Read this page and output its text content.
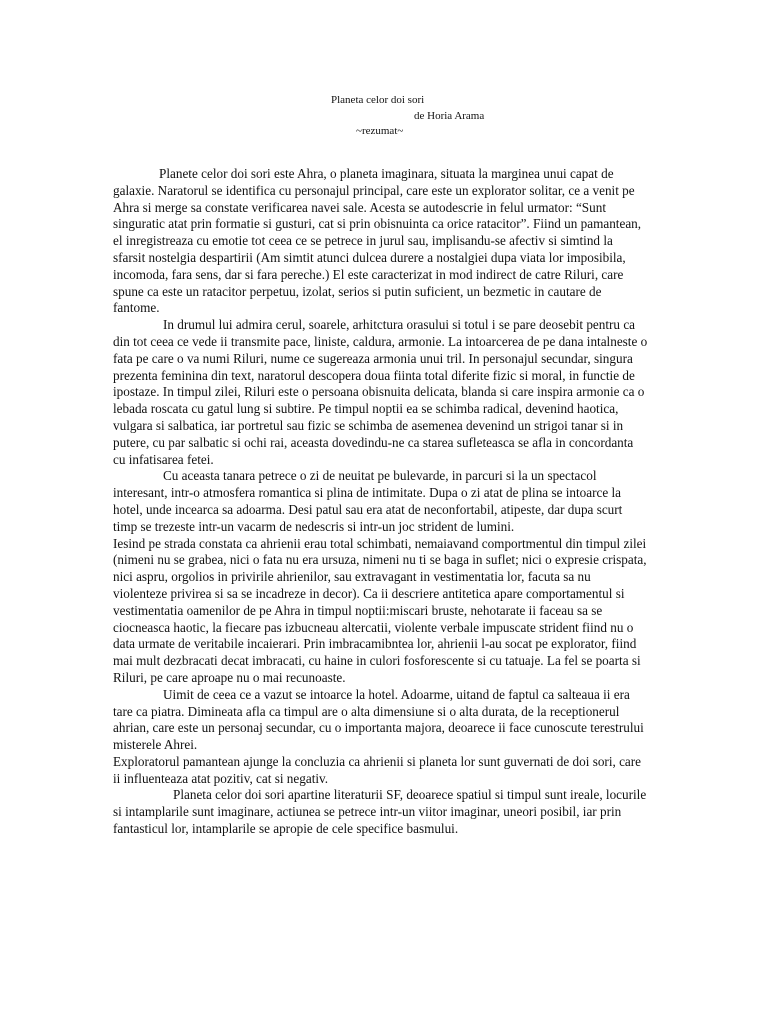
Planeta celor doi sori
de Horia Arama
~rezumat~

Planete celor doi sori este Ahra, o planeta imaginara, situata la marginea unui capat de galaxie. Naratorul se identifica cu personajul principal, care este un explorator solitar, ce a venit pe Ahra si merge sa constate verificarea navei sale. Acesta se autodescrie in felul urmator: “Sunt singuratic atat prin formatie si gusturi, cat si prin obisnuinta ca orice ratacitor”. Fiind un pamantean, el inregistreaza cu emotie tot ceea ce se petrece in jurul sau, implisandu-se afectiv si simtind la sfarsit nostelgia despartirii (Am simtit atunci dulcea durere a nostalgiei dupa viata lor imposibila, incomoda, fara sens, dar si fara pereche.) El este caracterizat in mod indirect de catre Riluri, care spune ca este un ratacitor perpetuu, izolat, serios si putin suficient, un bezmetic in cautare de fantome.

In drumul lui admira cerul, soarele, arhitctura orasului si totul i se pare deosebit pentru ca din tot ceea ce vede ii transmite pace, liniste, caldura, armonie. La intoarcerea de pe dana intalneste o fata pe care o va numi Riluri, nume ce sugereaza armonia unui tril. In personajul secundar, singura prezenta feminina din text, naratorul descopera doua fiinta total diferite fizic si moral, in functie de ipostaze. In timpul zilei, Riluri este o persoana obisnuita delicata, blanda si care inspira armonie ca o lebada roscata cu gatul lung si subtire. Pe timpul noptii ea se schimba radical, devenind haotica, vulgara si salbatica, iar portretul sau fizic se schimba de asemenea devenind un strigoi tanar si in putere, cu par salbatic si ochi rai, aceasta dovedindu-ne ca starea sufleteasca se afla in concordanta cu infatisarea fetei.

Cu aceasta tanara petrece o zi de neuitat pe bulevarde, in parcuri si la un spectacol interesant, intr-o atmosfera romantica si plina de intimitate. Dupa o zi atat de plina se intoarce la hotel, unde incearca sa adoarma. Desi patul sau era atat de neconfortabil, atipeste, dar dupa scurt timp se trezeste intr-un vacarm de nedescris si intr-un joc strident de lumini.

Iesind pe strada constata ca ahrienii erau total schimbati, nemaiavand comportmentul din timpul zilei (nimeni nu se grabea, nici o fata nu era ursuza, nimeni nu ti se baga in suflet; nici o expresie crispata, nici aspru, orgolios in privirile ahrienilor, sau extravagant in vestimentatia lor, facuta sa nu violenteze privirea si sa se incadreze in decor). Ca ii descriere antitetica apare comportamentul si vestimentatia oamenilor de pe Ahra in timpul noptii:miscari bruste, nehotarate ii faceau sa se ciocneasca haotic, la fiecare pas izbucneau altercatii, violente verbale impuscate strident fiind nu o data urmate de veritabile incaierari. Prin imbracamibntea lor, ahrienii l-au socat pe explorator, fiind mai mult dezbracati decat imbracati, cu haine in culori fosforescente si cu tatuaje. La fel se poarta si Riluri, pe care aproape nu o mai recunoaste.

Uimit de ceea ce a vazut se intoarce la hotel. Adoarme, uitand de faptul ca salteaua ii era tare ca piatra. Dimineata afla ca timpul are o alta dimensiune si o alta durata, de la receptionerul ahrian, care este un personaj secundar, cu o importanta majora, deoarece ii face cunoscute terestrului misterele Ahrei.

Exploratorul pamantean ajunge la concluzia ca ahrienii si planeta lor sunt guvernati de doi sori, care ii influenteaza atat pozitiv, cat si negativ.

Planeta celor doi sori apartine literaturii SF, deoarece spatiul si timpul sunt ireale, locurile si intamplarile sunt imaginare, actiunea se petrece intr-un viitor imaginar, uneori posibil, iar prin fantasticul lor, intamplarile se apropie de cele specifice basmului.
